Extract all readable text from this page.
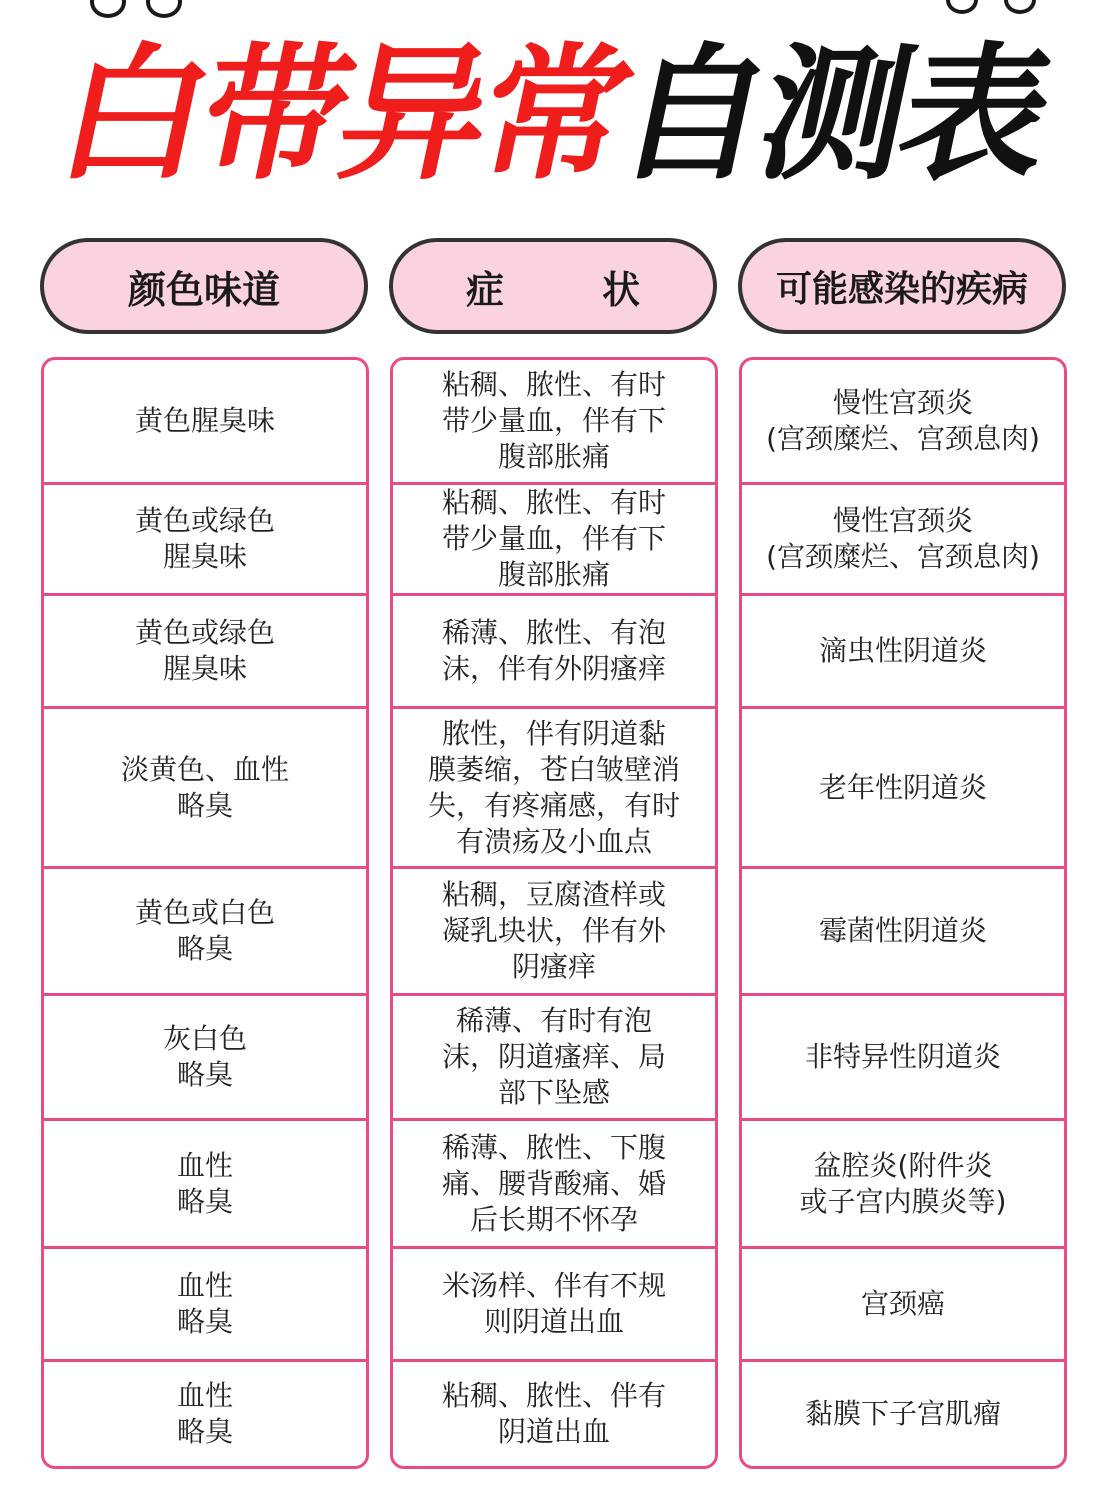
白带异常自测表
颜色味道	症　状	可能感染的疾病
黄色腥臭味
黄色或绿色
腥臭味
黄色或绿色
腥臭味
淡黄色、血性
略臭
黄色或白色
略臭
灰白色
略臭
血性
略臭
血性
略臭
血性
略臭
粘稠、脓性、有时
带少量血，伴有下
腹部胀痛
粘稠、脓性、有时
带少量血，伴有下
腹部胀痛
稀薄、脓性、有泡
沫，伴有外阴瘙痒
脓性，伴有阴道黏
膜萎缩，苍白皱壁消
失，有疼痛感，有时
有溃疡及小血点
粘稠，豆腐渣样或
凝乳块状，伴有外
阴瘙痒
稀薄、有时有泡
沫，阴道瘙痒、局
部下坠感
稀薄、脓性、下腹
痛、腰背酸痛、婚
后长期不怀孕
米汤样、伴有不规
则阴道出血
粘稠、脓性、伴有
阴道出血
慢性宫颈炎
(宫颈糜烂、宫颈息肉)
慢性宫颈炎
(宫颈糜烂、宫颈息肉)
滴虫性阴道炎
老年性阴道炎
霉菌性阴道炎
非特异性阴道炎
盆腔炎(附件炎
或子宫内膜炎等)
宫颈癌
黏膜下子宫肌瘤
